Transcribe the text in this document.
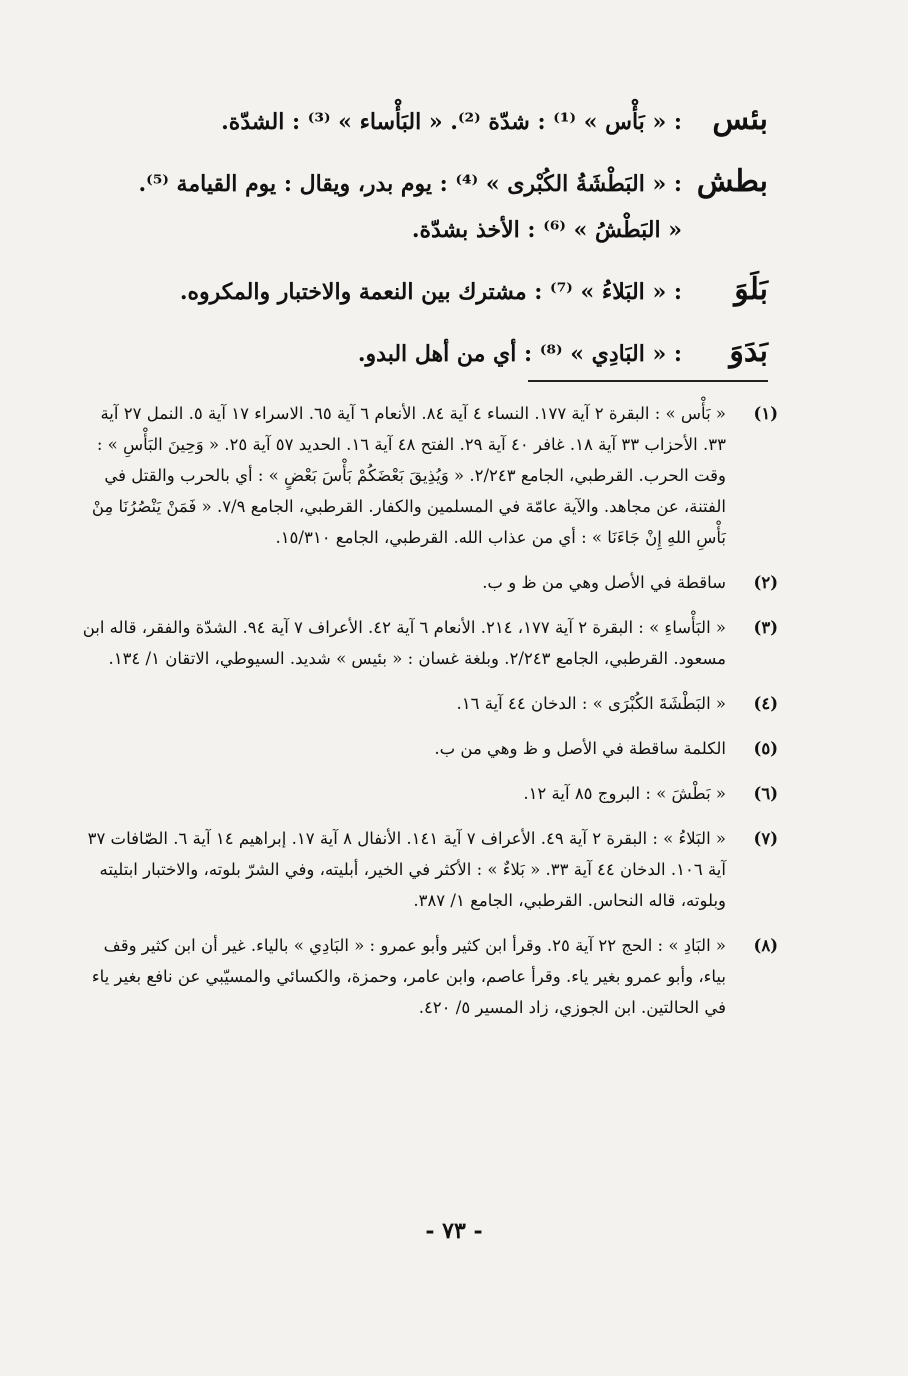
بئس
: « بَأْس » ⁽¹⁾ : شدّة ⁽²⁾. « البَأْساء » ⁽³⁾ : الشدّة.
بطش
: « البَطْشَةُ الكُبْرى » ⁽⁴⁾ : يوم بدر، ويقال : يوم القيامة ⁽⁵⁾.
« البَطْشُ » ⁽⁶⁾ : الأخذ بشدّة.
بَلَوَ
: « البَلاءُ » ⁽⁷⁾ : مشترك بين النعمة والاختبار والمكروه.
بَدَوَ
: « البَادِي » ⁽⁸⁾ : أي من أهل البدو.
(١)
« بَأْس » : البقرة ٢ آية ١٧٧. النساء ٤ آية ٨٤. الأنعام ٦ آية ٦٥. الاسراء ١٧ آية ٥. النمل ٢٧ آية ٣٣. الأحزاب ٣٣ آية ١٨. غافر ٤٠ آية ٢٩. الفتح ٤٨ آية ١٦. الحديد ٥٧ آية ٢٥. « وَحِينَ البَأْسِ » : وقت الحرب. القرطبي، الجامع ٢/٢٤٣. « وَيُذِيقَ بَعْضَكُمْ بَأْسَ بَعْضٍ » : أي بالحرب والقتل في الفتنة، عن مجاهد. والآية عامّة في المسلمين والكفار. القرطبي، الجامع ٧/٩. « فَمَنْ يَنْصُرُنَا مِنْ بَأْسِ اللهِ إِنْ جَاءَنَا » : أي من عذاب الله. القرطبي، الجامع ١٥/٣١٠.
(٢)
ساقطة في الأصل وهي من ظ و ب.
(٣)
« البَأْساءِ » : البقرة ٢ آية ١٧٧، ٢١٤. الأنعام ٦ آية ٤٢. الأعراف ٧ آية ٩٤. الشدّة والفقر، قاله ابن مسعود. القرطبي، الجامع ٢/٢٤٣. وبلغة غسان : « بئيس » شديد. السيوطي، الاتقان ١/ ١٣٤.
(٤)
« البَطْشَةَ الكُبْرَى » : الدخان ٤٤ آية ١٦.
(٥)
الكلمة ساقطة في الأصل و ظ وهي من ب.
(٦)
« بَطْشَ » : البروج ٨٥ آية ١٢.
(٧)
« البَلاءُ » : البقرة ٢ آية ٤٩. الأعراف ٧ آية ١٤١. الأنفال ٨ آية ١٧. إبراهيم ١٤ آية ٦. الصّافات ٣٧ آية ١٠٦. الدخان ٤٤ آية ٣٣. « بَلاءٌ » : الأكثر في الخير، أبليته، وفي الشرّ بلوته، والاختبار ابتليته وبلوته، قاله النحاس. القرطبي، الجامع ١/ ٣٨٧.
(٨)
« البَادِ » : الحج ٢٢ آية ٢٥. وقرأ ابن كثير وأبو عمرو : « البَادِي » بالياء. غير أن ابن كثير وقف بياء، وأبو عمرو بغير ياء. وقرأ عاصم، وابن عامر، وحمزة، والكسائي والمسيّبي عن نافع بغير ياء في الحالتين. ابن الجوزي، زاد المسير ٥/ ٤٢٠.
- ٧٣ -
